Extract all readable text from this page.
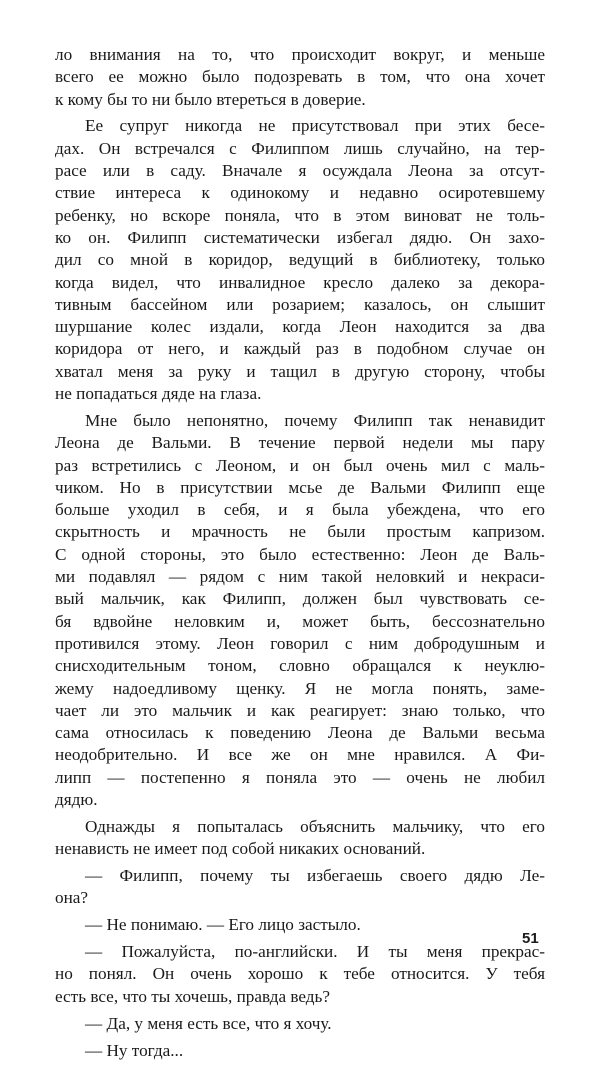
ло внимания на то, что происходит вокруг, и меньше
всего ее можно было подозревать в том, что она хочет
к кому бы то ни было втереться в доверие.
Ее супруг никогда не присутствовал при этих бесе-
дах. Он встречался с Филиппом лишь случайно, на тер-
расе или в саду. Вначале я осуждала Леона за отсут-
ствие интереса к одинокому и недавно осиротевшему
ребенку, но вскоре поняла, что в этом виноват не толь-
ко он. Филипп систематически избегал дядю. Он захо-
дил со мной в коридор, ведущий в библиотеку, только
когда видел, что инвалидное кресло далеко за декора-
тивным бассейном или розарием; казалось, он слышит
шуршание колес издали, когда Леон находится за два
коридора от него, и каждый раз в подобном случае он
хватал меня за руку и тащил в другую сторону, чтобы
не попадаться дяде на глаза.
Мне было непонятно, почему Филипп так ненавидит
Леона де Вальми. В течение первой недели мы пару
раз встретились с Леоном, и он был очень мил с маль-
чиком. Но в присутствии мсье де Вальми Филипп еще
больше уходил в себя, и я была убеждена, что его
скрытность и мрачность не были простым капризом.
С одной стороны, это было естественно: Леон де Валь-
ми подавлял — рядом с ним такой неловкий и некраси-
вый мальчик, как Филипп, должен был чувствовать се-
бя вдвойне неловким и, может быть, бессознательно
противился этому. Леон говорил с ним добродушным и
снисходительным тоном, словно обращался к неуклю-
жему надоедливому щенку. Я не могла понять, заме-
чает ли это мальчик и как реагирует: знаю только, что
сама относилась к поведению Леона де Вальми весьма
неодобрительно. И все же он мне нравился. А Фи-
липп — постепенно я поняла это — очень не любил
дядю.
Однажды я попыталась объяснить мальчику, что его
ненависть не имеет под собой никаких оснований.
— Филипп, почему ты избегаешь своего дядю Ле-
она?
— Не понимаю. — Его лицо застыло.
— Пожалуйста, по-английски. И ты меня прекрас-
но понял. Он очень хорошо к тебе относится. У тебя
есть все, что ты хочешь, правда ведь?
— Да, у меня есть все, что я хочу.
— Ну тогда...
51
